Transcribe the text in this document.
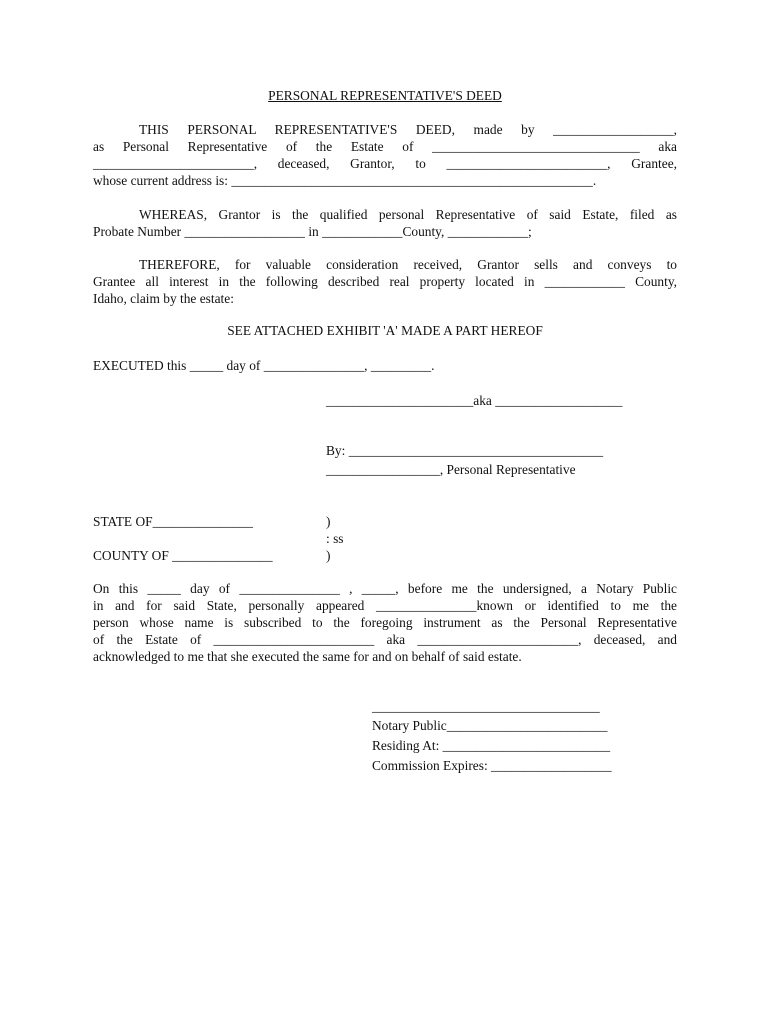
PERSONAL REPRESENTATIVE'S DEED
THIS PERSONAL REPRESENTATIVE'S DEED, made by __________________,
as Personal Representative of the Estate of _______________________________ aka
________________________, deceased, Grantor, to ________________________, Grantee,
whose current address is: ______________________________________________________.
WHEREAS, Grantor is the qualified personal Representative of said Estate, filed as
Probate Number __________________ in ____________County, ____________;
THEREFORE, for valuable consideration received, Grantor sells and conveys to
Grantee all interest in the following described real property located in ____________ County,
Idaho, claim by the estate:
SEE ATTACHED EXHIBIT 'A' MADE A PART HEREOF
EXECUTED this _____ day of _______________, _________.
______________________aka ___________________
By: ______________________________________
_________________, Personal Representative
STATE OF_______________	)
: ss
COUNTY OF _______________	)
On this _____ day of _______________ , _____, before me the undersigned, a Notary Public
in and for said State, personally appeared _______________known or identified to me the
person whose name is subscribed to the foregoing instrument as the Personal Representative
of the Estate of ________________________ aka ________________________, deceased, and
acknowledged to me that she executed the same for and on behalf of said estate.
__________________________________
Notary Public________________________
Residing At: _________________________
Commission Expires: __________________
